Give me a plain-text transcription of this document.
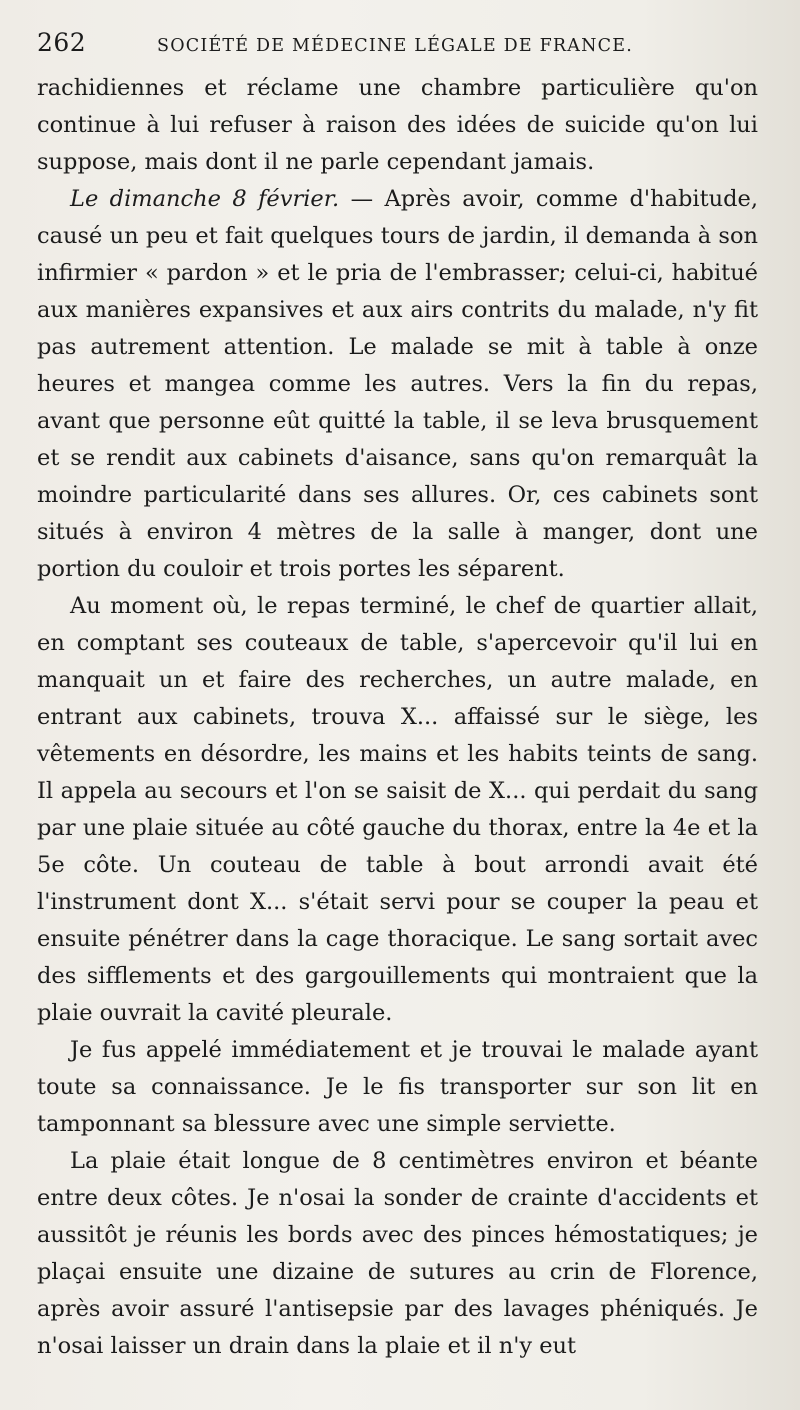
262	SOCIÉTÉ DE MÉDECINE LÉGALE DE FRANCE.

rachidiennes et réclame une chambre particulière qu'on continue à lui refuser à raison des idées de suicide qu'on lui suppose, mais dont il ne parle cependant jamais.

Le dimanche 8 février. — Après avoir, comme d'habitude, causé un peu et fait quelques tours de jardin, il demanda à son infirmier « pardon » et le pria de l'embrasser; celui-ci, habitué aux manières expansives et aux airs contrits du malade, n'y fit pas autrement attention. Le malade se mit à table à onze heures et mangea comme les autres. Vers la fin du repas, avant que personne eût quitté la table, il se leva brusquement et se rendit aux cabinets d'aisance, sans qu'on remarquât la moindre particularité dans ses allures. Or, ces cabinets sont situés à environ 4 mètres de la salle à manger, dont une portion du couloir et trois portes les séparent.

Au moment où, le repas terminé, le chef de quartier allait, en comptant ses couteaux de table, s'apercevoir qu'il lui en manquait un et faire des recherches, un autre malade, en entrant aux cabinets, trouva X... affaissé sur le siège, les vêtements en désordre, les mains et les habits teints de sang. Il appela au secours et l'on se saisit de X... qui perdait du sang par une plaie située au côté gauche du thorax, entre la 4e et la 5e côte. Un couteau de table à bout arrondi avait été l'instrument dont X... s'était servi pour se couper la peau et ensuite pénétrer dans la cage thoracique. Le sang sortait avec des sifflements et des gargouillements qui montraient que la plaie ouvrait la cavité pleurale.

Je fus appelé immédiatement et je trouvai le malade ayant toute sa connaissance. Je le fis transporter sur son lit en tamponnant sa blessure avec une simple serviette.

La plaie était longue de 8 centimètres environ et béante entre deux côtes. Je n'osai la sonder de crainte d'accidents et aussitôt je réunis les bords avec des pinces hémostatiques; je plaçai ensuite une dizaine de sutures au crin de Florence, après avoir assuré l'antisepsie par des lavages phéniqués. Je n'osai laisser un drain dans la plaie et il n'y eut
